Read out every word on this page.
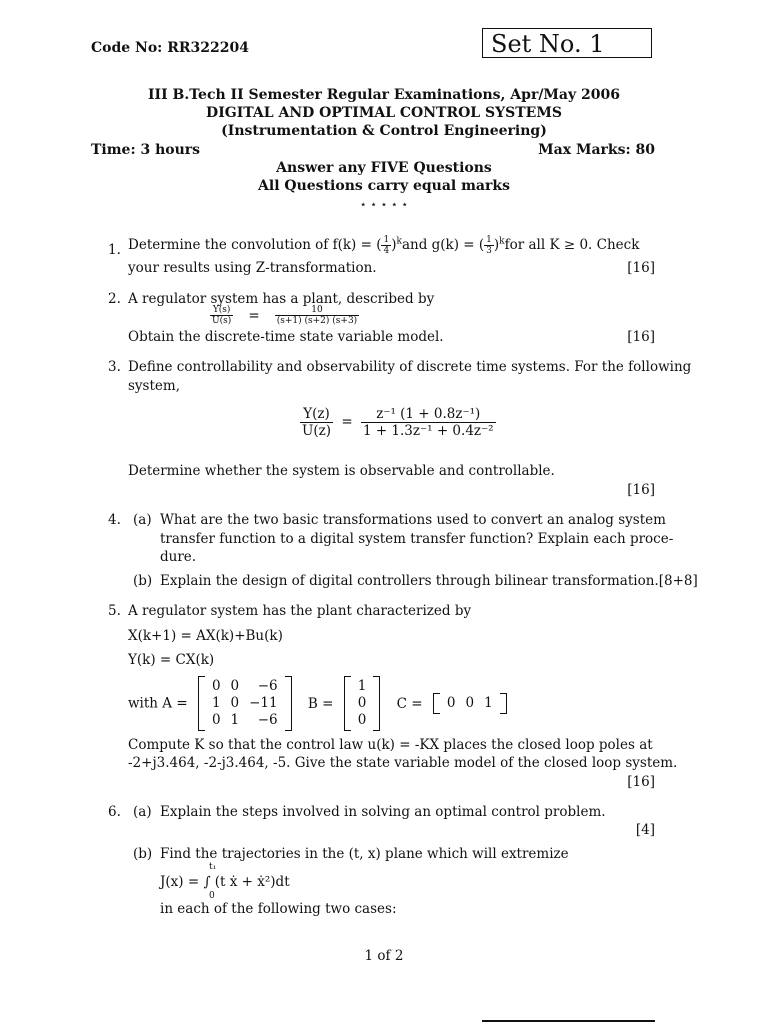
Code No: RR322204	Set No. 1
III B.Tech II Semester Regular Examinations, Apr/May 2006
DIGITAL AND OPTIMAL CONTROL SYSTEMS
(Instrumentation & Control Engineering)
Time: 3 hours	Max Marks: 80
Answer any FIVE Questions
All Questions carry equal marks
⋆ ⋆ ⋆ ⋆ ⋆
1. Determine the convolution of f(k) = ( $\frac{1}{4} )^kand$ g(k) = ( $\frac{1}{3} )^kfor$ all K ≥ 0. Check
your results using Z-transformation.	[16]
2. A regulator system has a plant, described by
$\frac{Y(s)}{U(s)} = \frac{10}{(s+1) (s+2) (s+3)}$
Obtain the discrete-time state variable model.	[16]
3. Define controllability and observability of discrete time systems. For the following
system,
$\frac{Y(z)}{U(z)} = \frac{\text{z⁻¹ (1 + 0.8z⁻¹)}}{\text{1 + 1.3z⁻¹ + 0.4z⁻²}}$
Determine whether the system is observable and controllable.
[16]
4. (a) What are the two basic transformations used to convert an analog system
transfer function to a digital system transfer function? Explain each proce-
dure.
(b) Explain the design of digital controllers through bilinear transformation.[8+8]
5. A regulator system has the plant characterized by
X(k+1) = AX(k)+Bu(k)
Y(k) = CX(k)
with A =
0	0	−6
1	0	−11
0	1	−6
B =
1
0
0
C = 0	0	1
Compute K so that the control law u(k) = -KX places the closed loop poles at
-2+j3.464, -2-j3.464, -5. Give the state variable model of the closed loop system.
[16]
6. (a) Explain the steps involved in solving an optimal control problem.
[4]
(b) Find the trajectories in the (t, x) plane which will extremize
t₁
J(x) = ∫ (t ẋ + ẋ²)dt
0
in each of the following two cases:
1 of 2
